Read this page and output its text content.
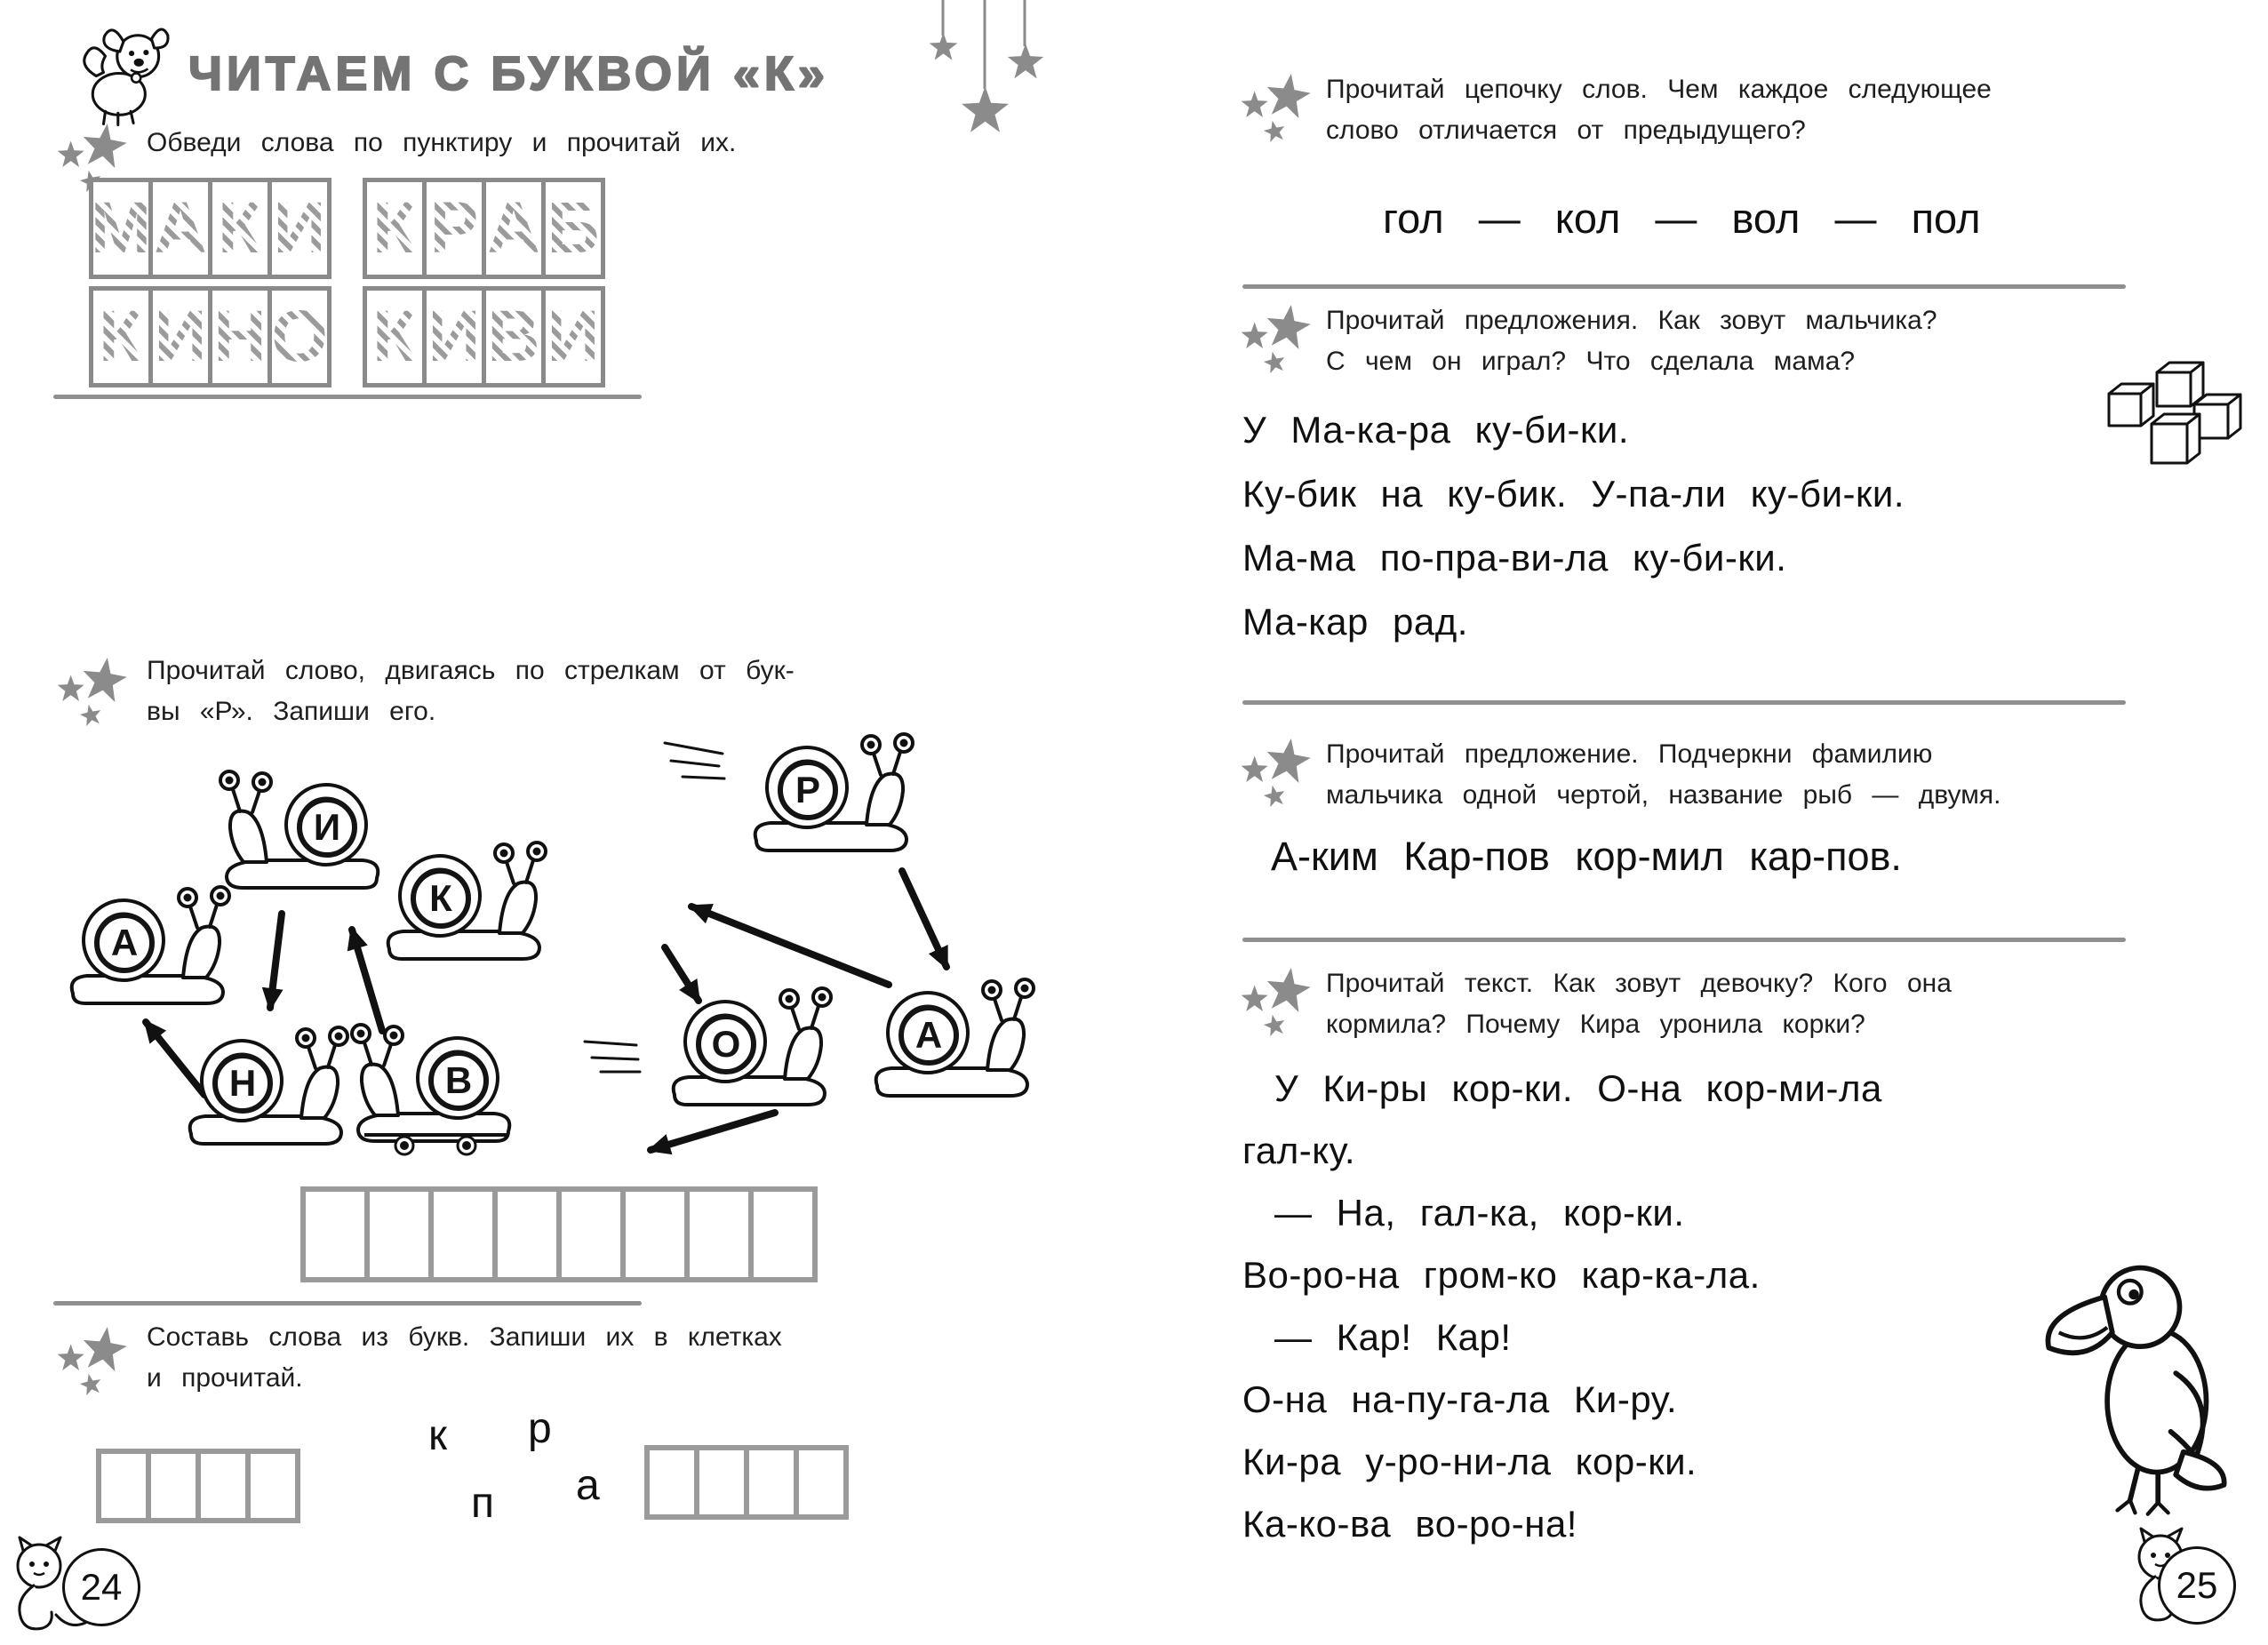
ЧИТАЕМ С БУКВОЙ «К»
Обведи слова по пунктиру и прочитай их.
М А К И К Р А Б
К И Н О К И В И
Прочитай слово, двигаясь по стрелкам от бук-
вы «Р». Запиши его.
И
Р
К
А
О	А
Н	В
Составь слова из букв. Запиши их в клетках
и прочитай.
к р
п а
24
Прочитай цепочку слов. Чем каждое следующее
слово отличается от предыдущего?
гол — кол — вол — пол
Прочитай предложения. Как зовут мальчика?
С чем он играл? Что сделала мама?
У Ма-ка-ра ку-би-ки.
Ку-бик на ку-бик. У-па-ли ку-би-ки.
Ма-ма по-пра-ви-ла ку-би-ки.
Ма-кар рад.
Прочитай предложение. Подчеркни фамилию
мальчика одной чертой, название рыб — двумя.
А-ким Кар-пов кор-мил кар-пов.
Прочитай текст. Как зовут девочку? Кого она
кормила? Почему Кира уронила корки?
У Ки-ры кор-ки. О-на кор-ми-ла
гал-ку.
— На, гал-ка, кор-ки.
Во-ро-на гром-ко кар-ка-ла.
— Кар! Кар!
О-на на-пу-га-ла Ки-ру.
Ки-ра у-ро-ни-ла кор-ки.
Ка-ко-ва во-ро-на!
25
